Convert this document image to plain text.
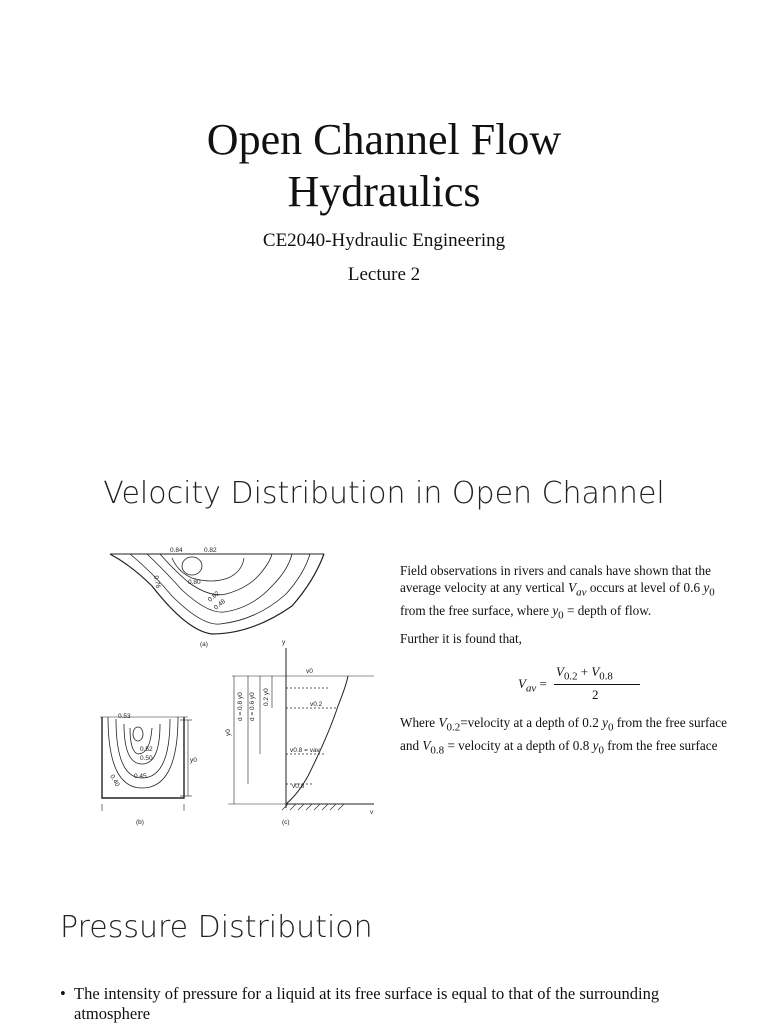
Open Channel Flow
Hydraulics
CE2040-Hydraulic Engineering
Lecture 2
Velocity Distribution in Open Channel
0.84	0.82
0.76	0.80
0.62
0.48
(a)
0.53
0.52
0.50
0.45
0.40
y0
(b)
y
v0
v0.2
v0.8 = vav
v0.8
d = 0.8 y0 d = 0.6 y0 0.2 y0
y0
v
(c)
Field observations in rivers and canals have shown that the average velocity at any vertical $V_{av}$ occurs at level of 0.6 $y_0$ from the free surface, where $y_0$ = depth of flow.
Further it is found that,
$V_{av}$ =
$V_{0.2} + V_{0.8}$
2
Where $V_{0.2}=velocity$ at a depth of 0.2 $y_0$ from the free surface and $V_{0.8}$ = velocity at a depth of 0.8 $y_0$ from the free surface
Pressure Distribution
• The intensity of pressure for a liquid at its free surface is equal to that of the surrounding atmosphere
